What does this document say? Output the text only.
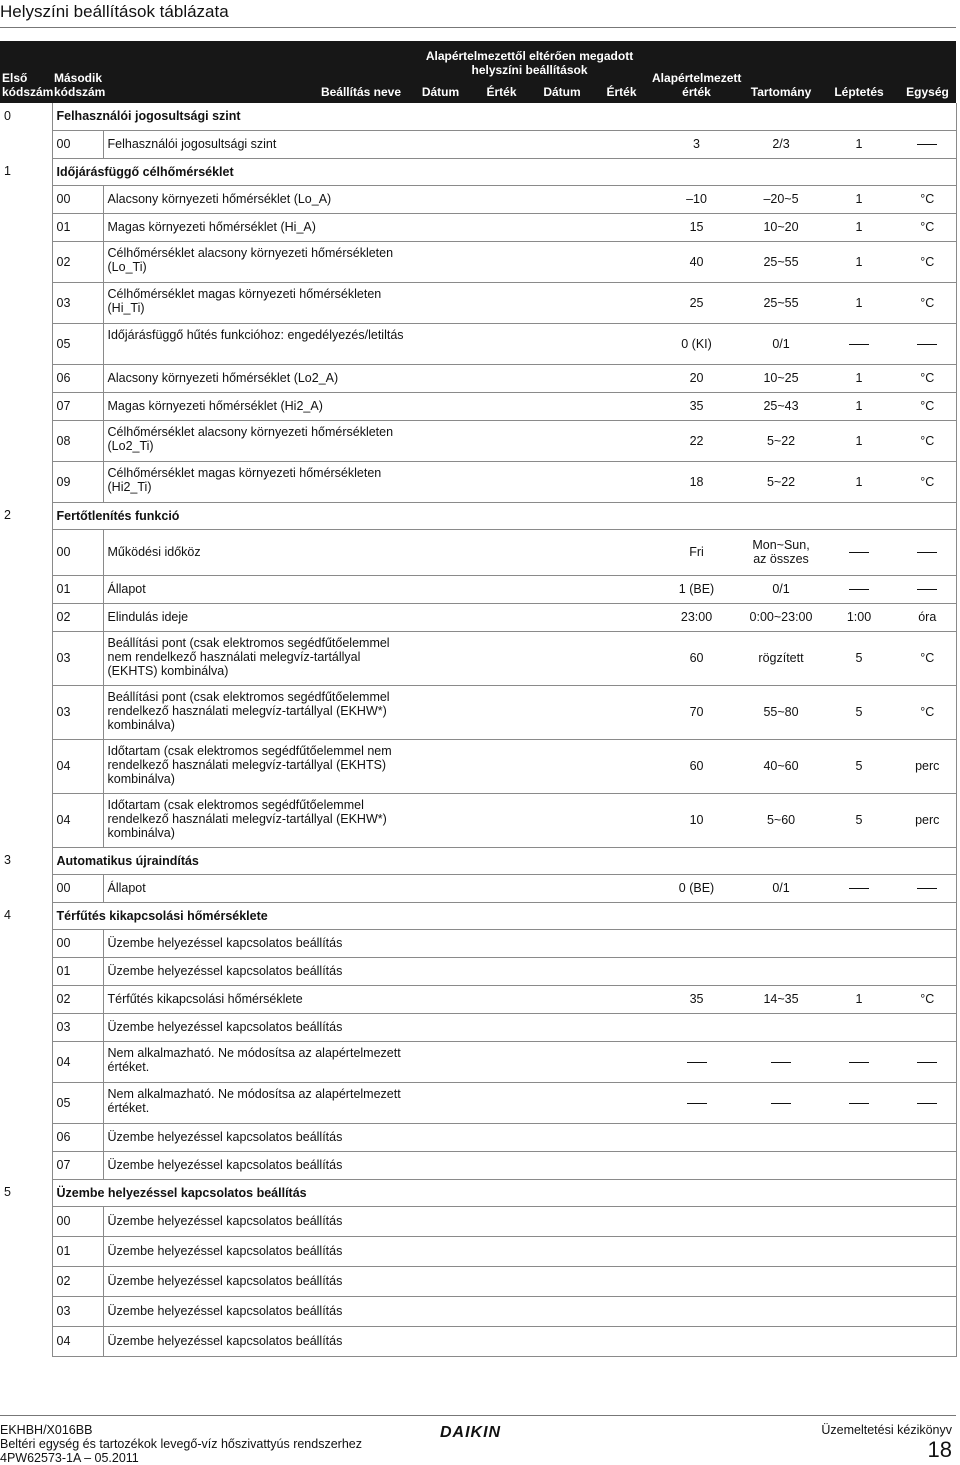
Helyszíni beállítások táblázata
Első kódszám	Második kódszám	Beállítás neve	Alapértelmezettől eltérően megadott helyszíni beállítások				Alapértelmezett érték	Tartomány	Léptetés	Egység
			Dátum	Érték	Dátum	Érték				
0	Felhasználói jogosultsági szint									
	00	Felhasználói jogosultsági szint					3	2/3	1	
1	Időjárásfüggő célhőmérséklet									
	00	Alacsony környezeti hőmérséklet (Lo_A)					–10	–20~5	1	°C
	01	Magas környezeti hőmérséklet (Hi_A)					15	10~20	1	°C
	02	Célhőmérséklet alacsony környezeti hőmérsékleten (Lo_Ti)					40	25~55	1	°C
	03	Célhőmérséklet magas környezeti hőmérsékleten (Hi_Ti)					25	25~55	1	°C
	05	Időjárásfüggő hűtés funkcióhoz: engedélyezés/letiltás					0 (KI)	0/1		
	06	Alacsony környezeti hőmérséklet (Lo2_A)					20	10~25	1	°C
	07	Magas környezeti hőmérséklet (Hi2_A)					35	25~43	1	°C
	08	Célhőmérséklet alacsony környezeti hőmérsékleten (Lo2_Ti)					22	5~22	1	°C
	09	Célhőmérséklet magas környezeti hőmérsékleten (Hi2_Ti)					18	5~22	1	°C
2	Fertőtlenítés funkció									
	00	Működési időköz					Fri	Mon~Sun, az összes		
	01	Állapot					1 (BE)	0/1		
	02	Elindulás ideje					23:00	0:00~23:00	1:00	óra
	03	Beállítási pont (csak elektromos segédfűtőelemmel nem rendelkező használati melegvíz-tartállyal (EKHTS) kombinálva)					60	rögzített	5	°C
	03	Beállítási pont (csak elektromos segédfűtőelemmel rendelkező használati melegvíz-tartállyal (EKHW*) kombinálva)					70	55~80	5	°C
	04	Időtartam (csak elektromos segédfűtőelemmel nem rendelkező használati melegvíz-tartállyal (EKHTS) kombinálva)					60	40~60	5	perc
	04	Időtartam (csak elektromos segédfűtőelemmel rendelkező használati melegvíz-tartállyal (EKHW*) kombinálva)					10	5~60	5	perc
3	Automatikus újraindítás									
	00	Állapot					0 (BE)	0/1		
4	Térfűtés kikapcsolási hőmérséklete									
	00	Üzembe helyezéssel kapcsolatos beállítás								
	01	Üzembe helyezéssel kapcsolatos beállítás								
	02	Térfűtés kikapcsolási hőmérséklete					35	14~35	1	°C
	03	Üzembe helyezéssel kapcsolatos beállítás								
	04	Nem alkalmazható. Ne módosítsa az alapértelmezett értéket.								
	05	Nem alkalmazható. Ne módosítsa az alapértelmezett értéket.								
	06	Üzembe helyezéssel kapcsolatos beállítás								
	07	Üzembe helyezéssel kapcsolatos beállítás								
5	Üzembe helyezéssel kapcsolatos beállítás									
	00	Üzembe helyezéssel kapcsolatos beállítás								
	01	Üzembe helyezéssel kapcsolatos beállítás								
	02	Üzembe helyezéssel kapcsolatos beállítás								
	03	Üzembe helyezéssel kapcsolatos beállítás								
	04	Üzembe helyezéssel kapcsolatos beállítás								
EKHBH/X016BB
Beltéri egység és tartozékok levegő-víz hőszivattyús rendszerhez
4PW62573-1A – 05.2011
DAIKIN	Üzemeltetési kézikönyv
18
